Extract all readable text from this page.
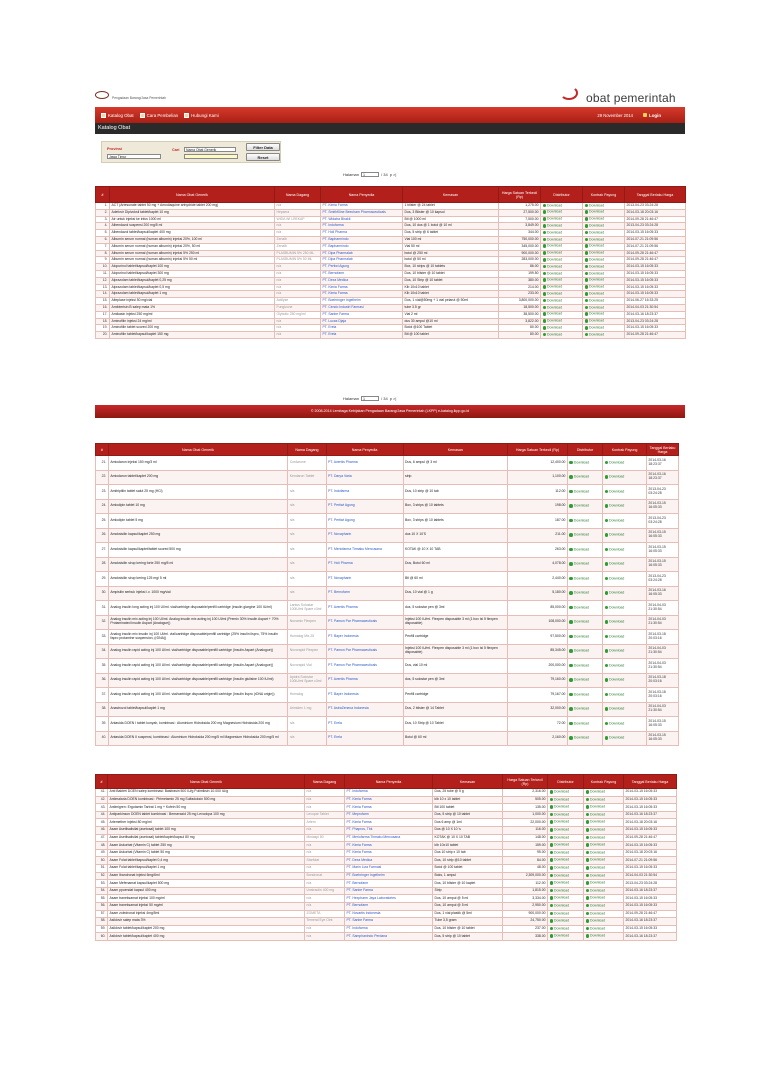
Pengadaan Barang/Jasa Pemerintah	obat pemerintah
Katalog Obat	Cara Pembelian	Hubungi Kami	29 November 2014	Login
Katalog Obat
Provinsi
Jawa Timur
Cari	Nama Obat Generik	Filter Data
Reset
Halaman	1	/ 34 p >|
#	Nama Obat Generik	Nama Dagang	Nama Penyedia	Kemasan	Harga Satuan Terkecil (Rp)	Distributor	Kontrak Payung	Tanggal Berlaku Harga
1.	ACT (Artesunate tablet 50 mg + Amodiaquine anhydride tablet 200 mg)	n/a	PT. Kimia Farma	1 blister @ 24 tablet	1,275.00	Download	Download	2013-04-23 03:24:28
2.	Adefovir Dipivoksil tablet/kaplet 10 mg	Hepsera	PT. SmithKline Beecham Pharmaceuticals	Dus, 3 Blister @ 10 kapsul	27,500.00	Download	Download	2014-03-18 20:03:16
3.	Air untuk injeksi ke infus 1000 ml	WIDA WI LREKAP	PT. Widatra Bhakti	Btl @ 1000 ml	7,500.00	Download	Download	2014-09-28 21:46:47
4.	Albendazol suspensi 200 mg/5 ml	n/a	PT. Indofarma	Dus, 10 dus @ 1 botol @ 10 ml	3,849.00	Download	Download	2013-04-23 03:24:28
5.	Albendazol tablet/kapsul/kaplet 400 mg	n/a	PT. Holi Pharma	Dus, 5 strip @ 6 tablet	344.00	Download	Download	2014-03-15 16:05:33
6.	Albumin serum normal (human albumin) injeksi 20%, 100 ml	Zenalb	PT. Bapharmindo	Vial 100 ml	750,000.00	Download	Download	2014-07-21 21:09:56
7.	Albumin serum normal (human albumin) injeksi 20%, 50 ml	Zenalb	PT. Bapharmindo	Vial 50 ml	345,000.00	Download	Download	2014-07-21 21:09:56
8.	Albumin serum normal (human albumin) injeksi 5% 250 ml	PLASBUMIN 5% 250 ML	PT. Dipa Pharmalab	botol @ 250 ml	900,000.00	Download	Download	2014-09-28 21:46:47
9.	Albumin serum normal (human albumin) injeksi 5% 50 ml	PLASBUMIN 5% 50 ML	PT. Dipa Pharmalab	botol @ 50 ml	283,000.00	Download	Download	2014-09-28 21:46:47
10.	Alopurinol tablet/kapsul/kaplet 100 mg	n/a	PT. Pertiwi Agung	Box, 10 strips @ 10 tablets	86.00	Download	Download	2014-03-15 16:05:33
11.	Alopurinol tablet/kapsul/kaplet 300 mg	n/a	PT. Bernofarm	Dus, 10 blister @ 10 tablet	199.50	Download	Download	2014-03-15 16:05:33
12.	Alprazolam tablet/kapsul/kaplet 0,25 mg	n/a	PT. Dexa Medica	Dus, 10 Strip @ 10 tablet	380.00	Download	Download	2014-03-15 16:05:33
13.	Alprazolam tablet/kapsul/kaplet 0,5 mg	n/a	PT. Kimia Farma	Klb 10x10 tablet	214.00	Download	Download	2014-03-15 16:05:33
14.	Alprazolam tablet/kapsul/kaplet 1 mg	n/a	PT. Kimia Farma	Klb 10x10 tablet	233.00	Download	Download	2014-03-15 16:05:33
15.	Alteplase injeksi 50 mg/vial	Actilyse	PT. Boehringer Ingelheim	Dus, 1 vial@50mg + 1 vial pelarut @ 50ml	3,800,000.00	Download	Download	2014-06-27 16:33:25
16.	Amfoterisin B salep mata 1%	Fungizone	PT. Cendo Industri Farmasi	tube 3.5 gr	18,500.00	Download	Download	2014-04-03 21:30:54
17.	Amikasin injeksi 250 mg/ml	Glybotic 250 mg/ml	PT. Sanbe Farma	Vial 2 ml	38,500.00	Download	Download	2014-03-16 18:23:37
18.	Aminofilin injeksi 24 mg/ml	n/a	PT. Lucas Djaja	dus 30 ampul @10 ml	3,822.00	Download	Download	2013-04-23 03:24:28
19.	Aminofilin tablet scored 200 mg	n/a	PT. Erela	Botol @100 Tablet	80.00	Download	Download	2014-03-15 16:05:33
20.	Aminofilin tablet/kapsul/kaplet 150 mg	n/a	PT. Erela	Btl @ 100 tablet	80.00	Download	Download	2014-09-28 21:46:47
Halaman	1	/ 34 p >|
© 2008-2014 Lembaga Kebijakan Pengadaan Barang/Jasa Pemerintah (LKPP) e-katalog.lkpp.go.id
#	Nama Obat Generik	Nama Dagang	Nama Penyedia	Kemasan	Harga Satuan Terkecil (Rp)	Distributor	Kontrak Payung	Tanggal Berlaku Harga
21.	Amiodaron injeksi 150 mg/3 ml	Cordarone	PT. Aventis Pharma	Dus, 6 ampul @ 3 ml	12,400.00	Download	Download	2014-03-16 18:23:37
22.	Amiodaron tablet/kaplet 200 mg	Kendaron Tablet	PT. Darya Varia	strip	1,100.00	Download	Download	2014-03-16 18:23:37
23.	Amitriptilin tablet salut 25 mg (HCl)	n/a	PT. Indofarma	Dus, 10 strip @ 10 tab	112.00	Download	Download	2013-04-23 03:24:28
24.	Amlodipin tablet 10 mg	n/a	PT. Pertiwi Agung	Box, 3 strips @ 10 tablets	198.00	Download	Download	2014-03-15 16:05:33
25.	Amlodipin tablet 5 mg	n/a	PT. Pertiwi Agung	Box, 3 strips @ 10 tablets	187.00	Download	Download	2013-04-23 03:24:28
26.	Amoksisilin kapsul/kaplet 250 mg	n/a	PT. Novapharin	dus 10 X 10'S	211.00	Download	Download	2014-03-15 16:05:33
27.	Amoksisilin kapsul/kaplet/tablet scored 500 mg	n/a	PT. Meriofarma Tirmaku Mercusana	KOTAK @ 10 X 10 TAB	263.00	Download	Download	2014-03-15 16:05:33
28.	Amoksisilin sirup kering forte 250 mg/5 ml	n/a	PT. Holi Pharma	Dus, Botol 60 ml	4,078.00	Download	Download	2014-03-15 16:05:33
29.	Amoksisilin sirup kering 125 mg/ 5 ml	n/a	PT. Novapharin	Btl @ 60 ml	2,440.00	Download	Download	2013-04-23 03:24:28
30.	Ampisilin serbuk injeksi i.v. 1000 mg/vial	n/a	PT. Bernofarm	Dus, 10 vial @ 1 g	5,180.00	Download	Download	2014-03-16 16:05:33
31.	Analog insulin long acting inj 100 UI/ml. vial/cartridge disposable/penfill cartridge (insulin glargine 100 IU/ml)	Lantus Solostar 100IU/ml Spare c3ml	PT. Aventis Pharma	dus, 5 solostar pen @ 3ml	85,000.00	Download	Download	2014-04-03 21:30:54
32.	Analog insulin mix acting inj 100 UI/ml. Analog insulin mix acting inj 100 UI/ml (Premix 30% Insulin Aspart + 70% Protaminated Insulin Aspart (Analogue))	Novomix Flexpen	PT. Pamon Par Pharmaceuticals	Injeksi 100 IU/ml. Flexpen disposable 3 ml (1 box isi 5 flexpen disposable)	108,000.00	Download	Download	2014-04-03 21:30:54
33.	Analog insulin mix insulin inj 100 UI/ml. vial/cartridge disposable/penfill cartridge (25% insulin lispro, 75% insulin lispro protamine suspension, (rDNA))	Humalog Mix 25	PT. Bayer Indonesia	Penfill cartridge	97,500.00	Download	Download	2014-03-18 20:03:16
34.	Analog insulin rapid acting inj 100 UI/ml. vial/cartridge disposable/penfill cartridge (Insulin Aspart (Analogue))	Novorapid Flexpen	PT. Pamon Par Pharmaceuticals	Injeksi 100 IU/ml. Flexpen disposable 3 ml (1 box isi 5 flexpen disposable)	85,345.00	Download	Download	2014-04-03 21:30:54
35.	Analog insulin rapid acting inj 100 UI/ml. vial/cartridge disposable/penfill cartridge (Insulin Aspart (Analogue))	Novorapid Vial	PT. Pamon Par Pharmaceuticals	Dus, vial 10 ml	200,000.00	Download	Download	2014-04-03 21:30:54
36.	Analog insulin rapid acting inj 100 UI/ml. vial/cartridge disposable/penfill cartridge (Insulin glulisine 100 IU/ml)	Apidra Solostar 100IU/ml Spare c3ml	PT. Aventis Pharma	dus, 5 solostar pen @ 3ml	79,160.00	Download	Download	2014-03-18 20:03:16
37.	Analog insulin rapid acting inj 100 UI/ml. vial/cartridge disposable/penfill cartridge (Insulin lispro (rDNA origin))	Humalog	PT. Bayer Indonesia	Penfill cartridge	79,167.00	Download	Download	2014-03-18 20:03:16
38.	Anastrozol tablet/kapsul/kaplet 1 mg	Arimidex 1 mg	PT. AstraZeneca Indonesia	Dus, 2 blister @ 14 Tablet	32,000.00	Download	Download	2014-04-03 21:30:54
39.	Antasida DOEN I tablet kunyah, kombinasi : Aluminium Hidroksida 200 mg Magnesium Hidroksida 200 mg	n/a	PT. Erela	Dus, 10 Strip @ 10 Tablet	72.00	Download	Download	2014-03-15 16:05:33
40.	Antasida DOEN II suspensi, kombinasi : Aluminium Hidroksida 200 mg/5 ml Magnesium Hidroksida 200 mg/5 ml	n/a	PT. Erela	Botol @ 60 ml	2,160.00	Download	Download	2014-03-15 16:05:33
#	Nama Obat Generik	Nama Dagang	Nama Penyedia	Kemasan	Harga Satuan Terkecil (Rp)	Distributor	Kontrak Payung	Tanggal Berlaku Harga
41.	Anti Bakteri DOEN salep kombinasi: Basitrasin 500 IU/g Polimiksin 10.000 IU/g	n/a	PT. Indofarma	Dus, 25 tube @ 5 g	2,316.00	Download	Download	2014-03-15 16:05:33
42.	Antimalaria DOEN kombinasi : Pirimetamin 25 mg Sulfadoksin 500 mg	n/a	PT. Kimia Farma	klb 10 x 10 tablet	505.00	Download	Download	2014-03-15 16:05:33
43.	Antimigren: Ergotamin Tartrat 1 mg + Kofein 50 mg	n/a	PT. Kimia Farma	Btl 100 tablet	135.00	Download	Download	2014-03-15 16:05:33
44.	Antiparkinson DOEN tablet kombinasi : Benserazid 25 mg Levodopa 100 mg	Levopar Tablet	PT. Meprofarm	Dus, 5 strip @ 10 tablet	1,000.00	Download	Download	2014-03-16 18:23:37
45.	Artemether injeksi 80 mg/ml	Artem	PT. Kimia Farma	Dus 6 amp @ 1ml	22,000.00	Download	Download	2014-03-18 20:03:16
46.	Asam Asetilsalisilat (asetosal) tablet 100 mg	n/a	PT. Phapros, Tbk	Dus @ 10 X 10 's	116.00	Download	Download	2014-03-15 16:05:33
47.	Asam Asetilsalisilat (asetosal) tablet/kaplet/kapsul 80 mg	Miniaspi 80	PT. Meriofarma Tirmaku Mercusana	KOTAK @ 10 X 10 TAB	148.00	Download	Download	2014-09-28 21:46:47
48.	Asam Askorbat (Vitamin C) tablet 250 mg	n/a	PT. Kimia Farma	klb 10x10 tablet	159.00	Download	Download	2014-03-15 16:05:33
49.	Asam Askorbat (Vitamin C) tablet 50 mg	n/a	PT. Kimia Farma	Dus 10 strip x 10 tab	95.00	Download	Download	2014-03-18 20:03:16
50.	Asam Folat tablet/kapsul/kaplet 0,4 mg	Starfolat	PT. Dexa Medica	Dus, 10 strip @10 tablet	84.00	Download	Download	2014-07-21 21:09:56
51.	Asam Folat tablet/kapsul/kaplet 1 mg	n/a	PT. Marin Liza Farmasi	Botol @ 100 tablet	48.00	Download	Download	2014-03-15 16:05:33
52.	Asam Ibandronat injeksi 6mg/6ml	Bondronat	PT. Boehringer Ingelheim	Boks, 1 ampul	2,309,000.00	Download	Download	2014-04-03 21:30:54
53.	Asam Mefenamat kapsul/kaplet 500 mg	n/a	PT. Bernofarm	Dus, 10 blister @ 10 kaplet	112.00	Download	Download	2013-04-23 03:24:28
54.	Asam ppoendat kapsul 400 mg	Unstractin 400 mg	PT. Sanbe Farma	Strip	1,815.00	Download	Download	2014-03-16 18:23:37
55.	Asam traneksamat injeksi 100 mg/ml	n/a	PT. Hexpharm Jaya Laboratories	Dus, 10 ampul @ 5 ml	3,334.00	Download	Download	2014-03-15 16:05:33
56.	Asam traneksamat injeksi 50 mg/ml	n/a	PT. Bernofarm	Dus, 10 ampul @ 5 ml	2,950.00	Download	Download	2014-03-15 16:05:33
57.	Asam zoledronat injeksi 4mg/5ml	ZOMETA	PT. Novartis Indonesia	Dus, 1 vial plastik @ 5ml	900,000.00	Download	Download	2014-09-28 21:46:47
58.	Asiklovir salep mata 3%	Temeral Eye Oint	PT. Sanbe Farma	Tube 3,5 gram	24,750.00	Download	Download	2014-03-16 18:23:37
59.	Asiklovir tablet/kapsul/kaplet 200 mg	n/a	PT. Indofarma	Dus, 10 blister @ 10 tablet	237.00	Download	Download	2014-03-15 16:05:33
60.	Asiklovir tablet/kapsul/kaplet 400 mg	n/a	PT. Samphanindo Perdana	Dus, 5 strip @ 10 tablet	338.00	Download	Download	2014-03-16 18:23:37
